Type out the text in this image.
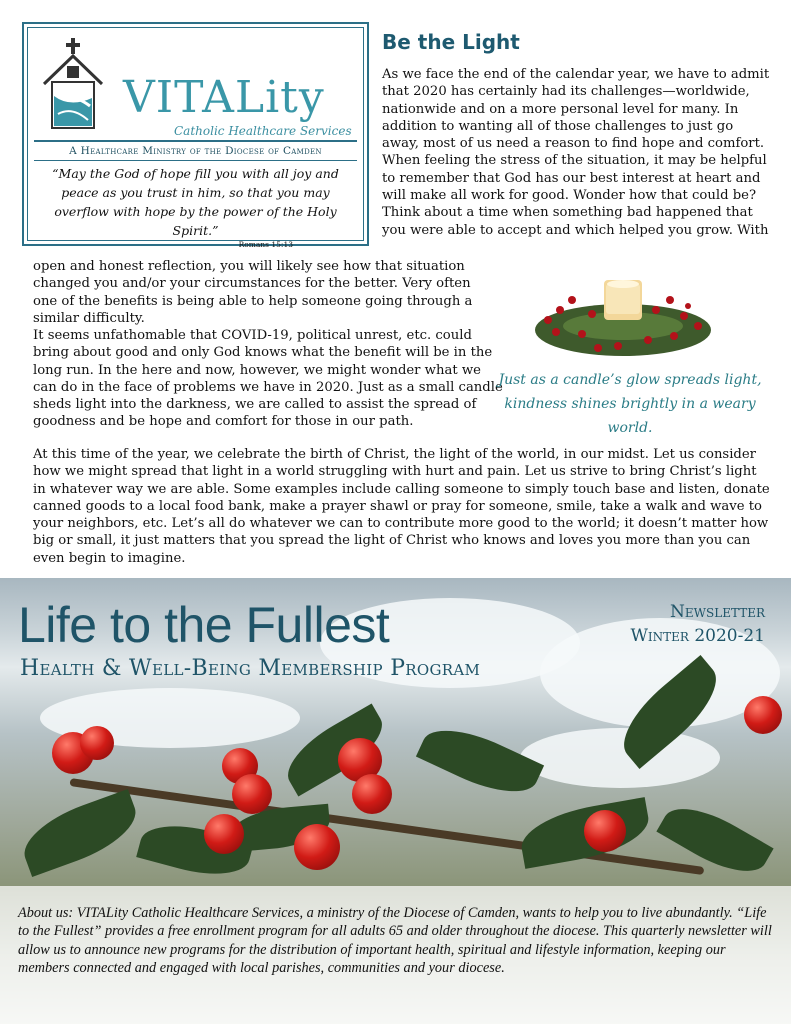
VITALity
Catholic Healthcare Services
A Healthcare Ministry of the Diocese of Camden
“May the God of hope fill you with all joy and peace as you trust in him, so that you may overflow with hope by the power of the Holy Spirit.”
Romans 15:13
Be the Light
As we face the end of the calendar year, we have to admit that 2020 has certainly had its challenges—worldwide, nationwide and on a more personal level for many. In addition to wanting all of those challenges to just go away, most of us need a reason to find hope and comfort. When feeling the stress of the situation, it may be helpful to remember that God has our best interest at heart and will make all work for good. Wonder how that could be? Think about a time when something bad happened that you were able to accept and which helped you grow. With
open and honest reflection, you will likely see how that situation changed you and/or your circumstances for the better. Very often one of the benefits is being able to help someone going through a similar difficulty.
It seems unfathomable that COVID-19, political unrest, etc. could bring about good and only God knows what the benefit will be in the long run. In the here and now, however, we might wonder what we can do in the face of problems we have in 2020. Just as a small candle sheds light into the darkness, we are called to assist the spread of goodness and be hope and comfort for those in our path.
At this time of the year, we celebrate the birth of Christ, the light of the world, in our midst. Let us consider how we might spread that light in a world struggling with hurt and pain. Let us strive to bring Christ’s light in whatever way we are able. Some examples include calling someone to simply touch base and listen, donate canned goods to a local food bank, make a prayer shawl or pray for someone, smile, take a walk and wave to your neighbors, etc. Let’s all do whatever we can to contribute more good to the world; it doesn’t matter how big or small, it just matters that you spread the light of Christ who knows and loves you more than you can even begin to imagine.
Just as a candle’s glow spreads light,
kindness shines brightly in a weary world.
Life to the Fullest
Health & Well-Being Membership Program
Newsletter
Winter 2020-21
About us: VITALity Catholic Healthcare Services, a ministry of the Diocese of Camden, wants to help you to live abundantly. “Life to the Fullest” provides a free enrollment program for all adults 65 and older throughout the diocese. This quarterly newsletter will allow us to announce new programs for the distribution of important health, spiritual and lifestyle information, keeping our members connected and engaged with local parishes, communities and your diocese.
